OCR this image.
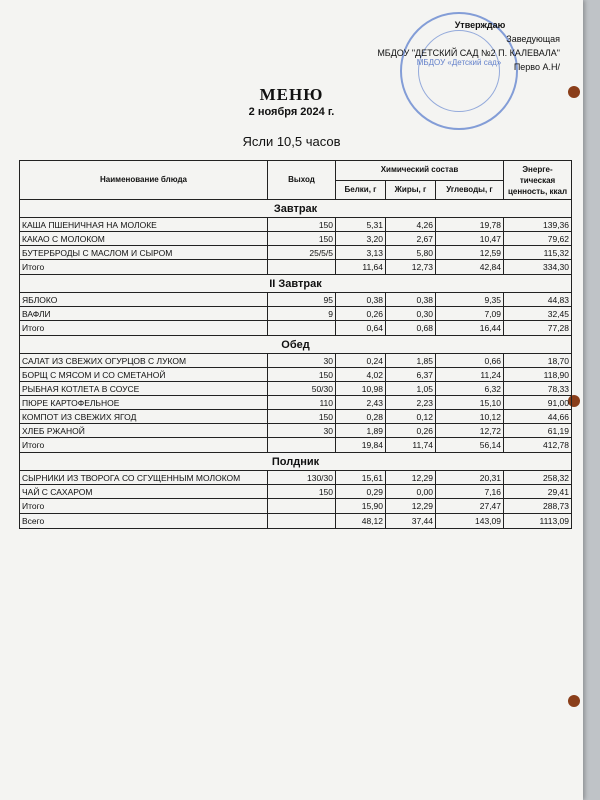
МБДОУ «Детский сад»
Утверждаю
Заведующая
МБДОУ "ДЕТСКИЙ САД №2 П. КАЛЕВАЛА"
Перво А.Н/
МЕНЮ
2 ноября 2024 г.
Ясли 10,5 часов
Наименование блюда	Выход	Химический состав			Энерге-тическая ценность, ккал
		Белки, г	Жиры, г	Углеводы, г	
Завтрак					
КАША ПШЕНИЧНАЯ НА МОЛОКЕ	150	5,31	4,26	19,78	139,36
КАКАО С МОЛОКОМ	150	3,20	2,67	10,47	79,62
БУТЕРБРОДЫ С МАСЛОМ И СЫРОМ	25/5/5	3,13	5,80	12,59	115,32
Итого		11,64	12,73	42,84	334,30
II Завтрак					
ЯБЛОКО	95	0,38	0,38	9,35	44,83
ВАФЛИ	9	0,26	0,30	7,09	32,45
Итого		0,64	0,68	16,44	77,28
Обед					
САЛАТ ИЗ СВЕЖИХ ОГУРЦОВ С ЛУКОМ	30	0,24	1,85	0,66	18,70
БОРЩ С МЯСОМ И СО СМЕТАНОЙ	150	4,02	6,37	11,24	118,90
РЫБНАЯ КОТЛЕТА В СОУСЕ	50/30	10,98	1,05	6,32	78,33
ПЮРЕ КАРТОФЕЛЬНОЕ	110	2,43	2,23	15,10	91,00
КОМПОТ ИЗ СВЕЖИХ ЯГОД	150	0,28	0,12	10,12	44,66
ХЛЕБ РЖАНОЙ	30	1,89	0,26	12,72	61,19
Итого		19,84	11,74	56,14	412,78
Полдник					
СЫРНИКИ ИЗ ТВОРОГА СО СГУЩЕННЫМ МОЛОКОМ	130/30	15,61	12,29	20,31	258,32
ЧАЙ С САХАРОМ	150	0,29	0,00	7,16	29,41
Итого		15,90	12,29	27,47	288,73
Всего		48,12	37,44	143,09	1113,09
